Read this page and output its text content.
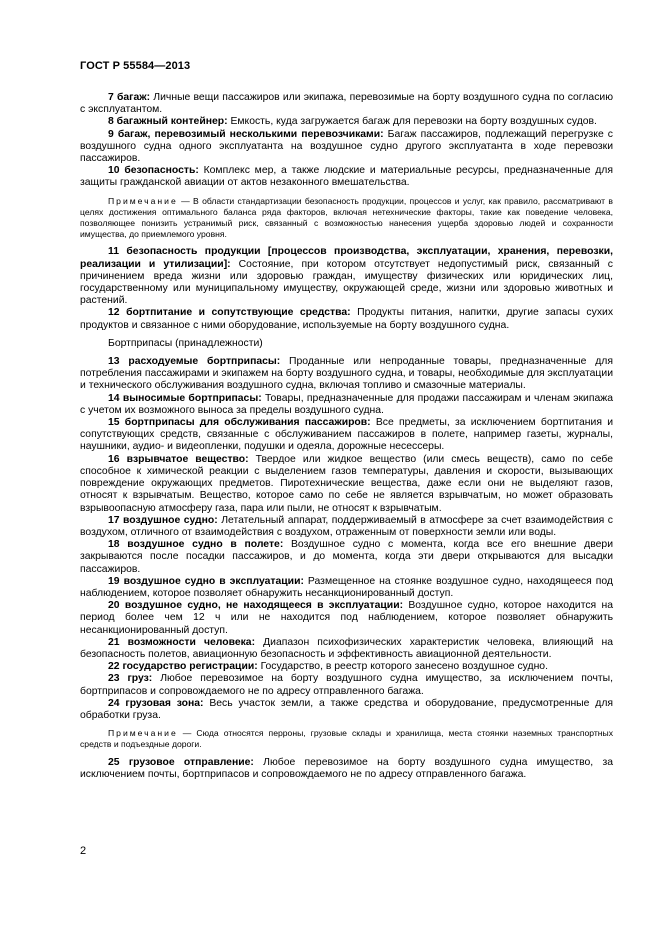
ГОСТ Р 55584—2013

7 багаж: Личные вещи пассажиров или экипажа, перевозимые на борту воздушного судна по согласию с эксплуатантом.

8 багажный контейнер: Емкость, куда загружается багаж для перевозки на борту воздушных судов.

9 багаж, перевозимый несколькими перевозчиками: Багаж пассажиров, подлежащий перегрузке с воздушного судна одного эксплуатанта на воздушное судно другого эксплуатанта в ходе перевозки пассажиров.

10 безопасность: Комплекс мер, а также людские и материальные ресурсы, предназначенные для защиты гражданской авиации от актов незаконного вмешательства.

Примечание — В области стандартизации безопасность продукции, процессов и услуг, как правило, рассматривают в целях достижения оптимального баланса ряда факторов, включая нетехнические факторы, такие как поведение человека, позволяющее понизить устранимый риск, связанный с возможностью нанесения ущерба здоровью людей и сохранности имущества, до приемлемого уровня.

11 безопасность продукции [процессов производства, эксплуатации, хранения, перевозки, реализации и утилизации]: Состояние, при котором отсутствует недопустимый риск, связанный с причинением вреда жизни или здоровью граждан, имуществу физических или юридических лиц, государственному или муниципальному имуществу, окружающей среде, жизни или здоровью животных и растений.

12 бортпитание и сопутствующие средства: Продукты питания, напитки, другие запасы сухих продуктов и связанное с ними оборудование, используемые на борту воздушного судна.

Бортприпасы (принадлежности)

13 расходуемые бортприпасы: Проданные или непроданные товары, предназначенные для потребления пассажирами и экипажем на борту воздушного судна, и товары, необходимые для эксплуатации и технического обслуживания воздушного судна, включая топливо и смазочные материалы.

14 выносимые бортприпасы: Товары, предназначенные для продажи пассажирам и членам экипажа с учетом их возможного выноса за пределы воздушного судна.

15 бортприпасы для обслуживания пассажиров: Все предметы, за исключением бортпитания и сопутствующих средств, связанные с обслуживанием пассажиров в полете, например газеты, журналы, наушники, аудио- и видеопленки, подушки и одеяла, дорожные несессеры.

16 взрывчатое вещество: Твердое или жидкое вещество (или смесь веществ), само по себе способное к химической реакции с выделением газов температуры, давления и скорости, вызывающих повреждение окружающих предметов. Пиротехнические вещества, даже если они не выделяют газов, относят к взрывчатым. Вещество, которое само по себе не является взрывчатым, но может образовать взрывоопасную атмосферу газа, пара или пыли, не относят к взрывчатым.

17 воздушное судно: Летательный аппарат, поддерживаемый в атмосфере за счет взаимодействия с воздухом, отличного от взаимодействия с воздухом, отраженным от поверхности земли или воды.

18 воздушное судно в полете: Воздушное судно с момента, когда все его внешние двери закрываются после посадки пассажиров, и до момента, когда эти двери открываются для высадки пассажиров.

19 воздушное судно в эксплуатации: Размещенное на стоянке воздушное судно, находящееся под наблюдением, которое позволяет обнаружить несанкционированный доступ.

20 воздушное судно, не находящееся в эксплуатации: Воздушное судно, которое находится на период более чем 12 ч или не находится под наблюдением, которое позволяет обнаружить несанкционированный доступ.

21 возможности человека: Диапазон психофизических характеристик человека, влияющий на безопасность полетов, авиационную безопасность и эффективность авиационной деятельности.

22 государство регистрации: Государство, в реестр которого занесено воздушное судно.

23 груз: Любое перевозимое на борту воздушного судна имущество, за исключением почты, бортприпасов и сопровождаемого не по адресу отправленного багажа.

24 грузовая зона: Весь участок земли, а также средства и оборудование, предусмотренные для обработки груза.

Примечание — Сюда относятся перроны, грузовые склады и хранилища, места стоянки наземных транспортных средств и подъездные дороги.

25 грузовое отправление: Любое перевозимое на борту воздушного судна имущество, за исключением почты, бортприпасов и сопровождаемого не по адресу отправленного багажа.

2
